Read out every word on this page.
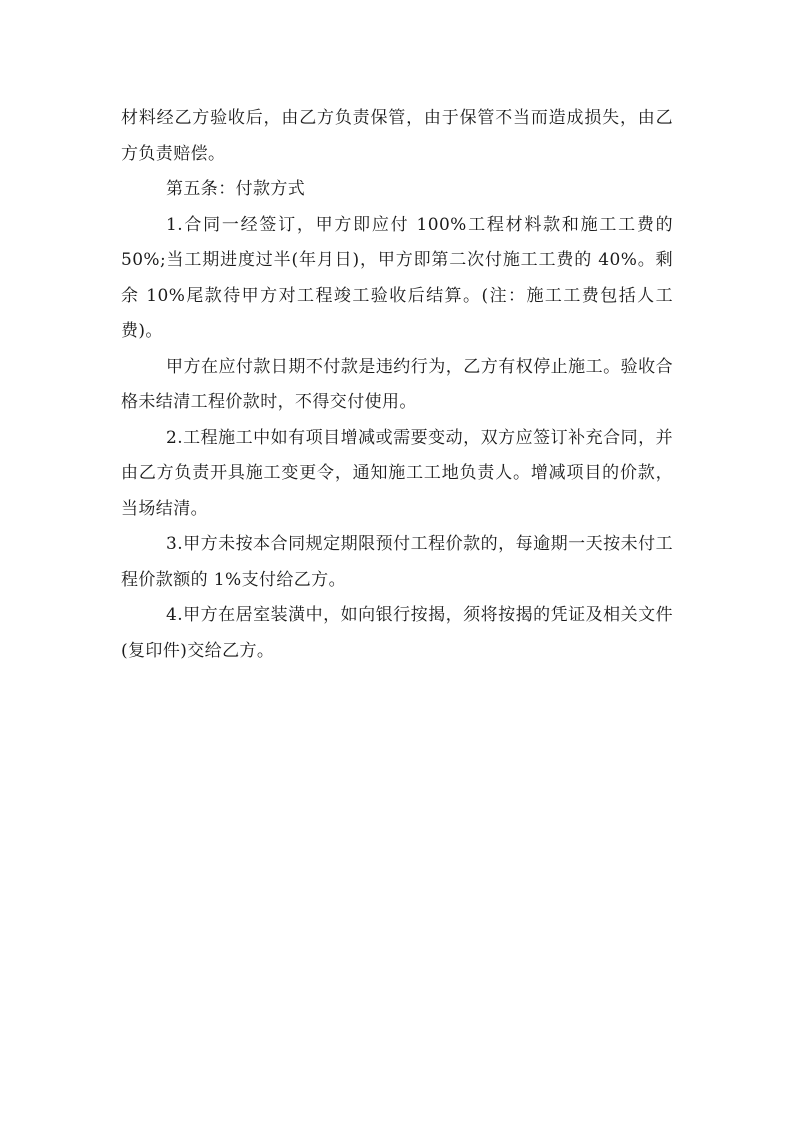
材料经乙方验收后，由乙方负责保管，由于保管不当而造成损失，由乙方负责赔偿。

第五条：付款方式

1.合同一经签订，甲方即应付 100%工程材料款和施工工费的 50%;当工期进度过半(年月日)，甲方即第二次付施工工费的 40%。剩余 10%尾款待甲方对工程竣工验收后结算。(注：施工工费包括人工费)。

甲方在应付款日期不付款是违约行为，乙方有权停止施工。验收合格未结清工程价款时，不得交付使用。

2.工程施工中如有项目增减或需要变动，双方应签订补充合同，并由乙方负责开具施工变更令，通知施工工地负责人。增减项目的价款，当场结清。

3.甲方未按本合同规定期限预付工程价款的，每逾期一天按未付工程价款额的 1%支付给乙方。

4.甲方在居室装潢中，如向银行按揭，须将按揭的凭证及相关文件(复印件)交给乙方。
